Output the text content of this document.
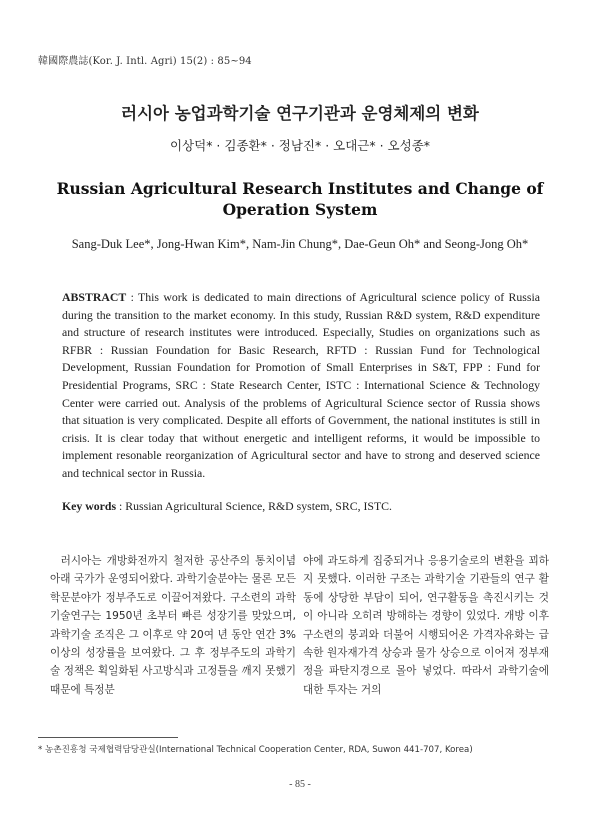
韓國際農誌(Kor. J. Intl. Agri) 15(2) : 85~94
러시아 농업과학기술 연구기관과 운영체제의 변화
이상덕* · 김종환* · 정남진* · 오대근* · 오성종*
Russian Agricultural Research Institutes and Change of Operation System
Sang-Duk Lee*, Jong-Hwan Kim*, Nam-Jin Chung*, Dae-Geun Oh* and Seong-Jong Oh*
ABSTRACT : This work is dedicated to main directions of Agricultural science policy of Russia during the transition to the market economy. In this study, Russian R&D system, R&D expenditure and structure of research institutes were introduced. Especially, Studies on organizations such as RFBR : Russian Foundation for Basic Research, RFTD : Russian Fund for Technological Development, Russian Foundation for Promotion of Small Enterprises in S&T, FPP : Fund for Presidential Programs, SRC : State Research Center, ISTC : International Science & Technology Center were carried out. Analysis of the problems of Agricultural Science sector of Russia shows that situation is very complicated. Despite all efforts of Government, the national institutes is still in crisis. It is clear today that without energetic and intelligent reforms, it would be impossible to implement resonable reorganization of Agricultural sector and have to strong and deserved science and technical sector in Russia.
Key words : Russian Agricultural Science, R&D system, SRC, ISTC.
러시아는 개방화전까지 철저한 공산주의 통치이념아래 국가가 운영되어왔다. 과학기술분야는 물론 모든 학문분야가 정부주도로 이끌어져왔다. 구소련의 과학기술연구는 1950년 초부터 빠른 성장기를 맞았으며, 과학기술 조직은 그 이후로 약 20여 년 동안 연간 3% 이상의 성장률을 보여왔다. 그 후 정부주도의 과학기술 정책은 획일화된 사고방식과 고정틀을 깨지 못했기 때문에 특정분
야에 과도하게 집중되거나 응용기술로의 변환을 꾀하지 못했다. 이러한 구조는 과학기술 기관들의 연구 활동에 상당한 부담이 되어, 연구활동을 촉진시키는 것이 아니라 오히려 방해하는 경향이 있었다. 개방 이후 구소련의 붕괴와 더불어 시행되어온 가격자유화는 급속한 원자재가격 상승과 물가 상승으로 이어져 정부재정을 파탄지경으로 몰아 넣었다. 따라서 과학기술에 대한 투자는 거의
* 농촌진흥청 국제협력담당관실(International Technical Cooperation Center, RDA, Suwon 441-707, Korea)
- 85 -
